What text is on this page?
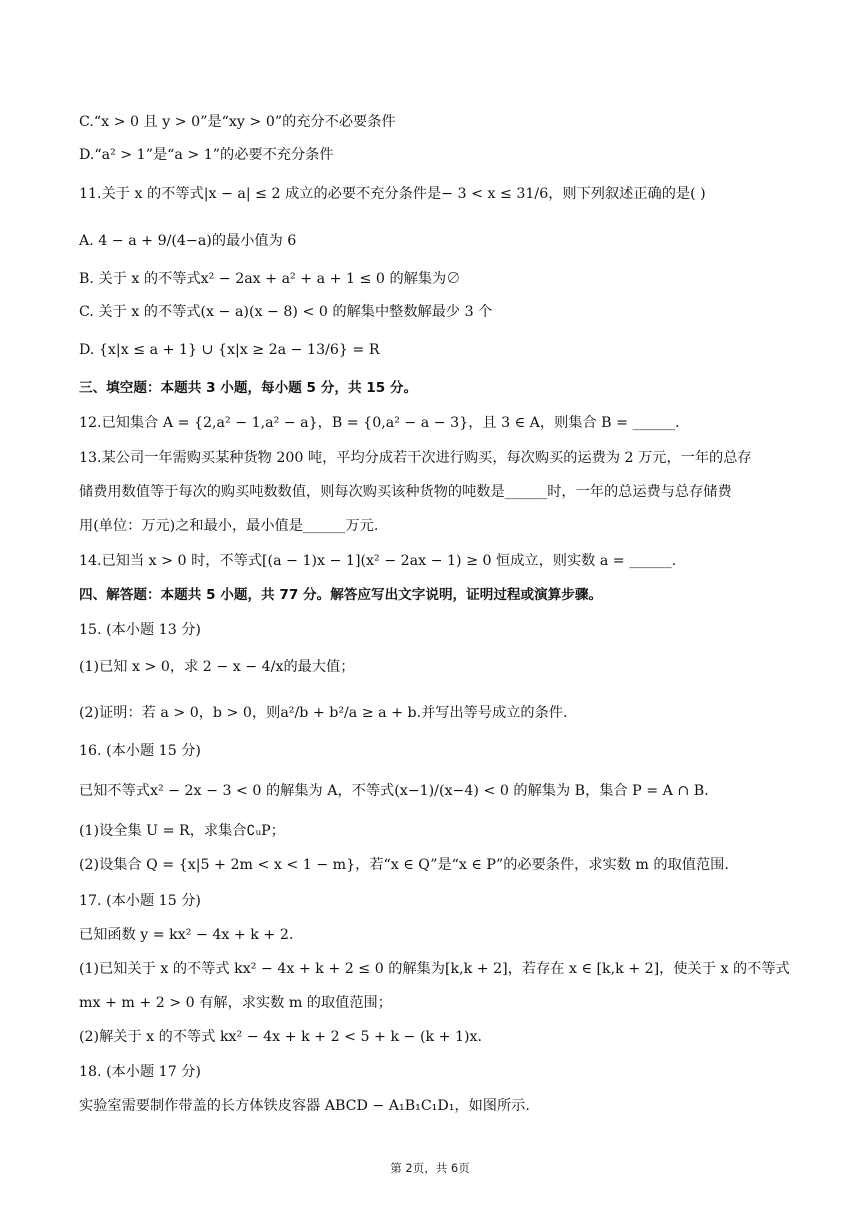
C.“x > 0 且 y > 0”是“xy > 0”的充分不必要条件
D.“a² > 1”是“a > 1”的必要不充分条件
11.关于 x 的不等式|x − a| ≤ 2 成立的必要不充分条件是− 3 < x ≤ 31/6，则下列叙述正确的是( )
A. 4 − a + 9/(4−a)的最小值为 6
B. 关于 x 的不等式x² − 2ax + a² + a + 1 ≤ 0 的解集为∅
C. 关于 x 的不等式(x − a)(x − 8) < 0 的解集中整数解最少 3 个
D. {x|x ≤ a + 1} ∪ {x|x ≥ 2a − 13/6} = R
三、填空题：本题共 3 小题，每小题 5 分，共 15 分。
12.已知集合 A = {2,a² − 1,a² − a}，B = {0,a² − a − 3}，且 3 ∈ A，则集合 B = ______.
13.某公司一年需购买某种货物 200 吨，平均分成若干次进行购买，每次购买的运费为 2 万元，一年的总存
储费用数值等于每次的购买吨数数值，则每次购买该种货物的吨数是______时，一年的总运费与总存储费
用(单位：万元)之和最小，最小值是______万元.
14.已知当 x > 0 时，不等式[(a − 1)x − 1](x² − 2ax − 1) ≥ 0 恒成立，则实数 a = ______.
四、解答题：本题共 5 小题，共 77 分。解答应写出文字说明，证明过程或演算步骤。
15. (本小题 13 分)
(1)已知 x > 0，求 2 − x − 4/x的最大值；
(2)证明：若 a > 0，b > 0，则a²/b + b²/a ≥ a + b.并写出等号成立的条件.
16. (本小题 15 分)
已知不等式x² − 2x − 3 < 0 的解集为 A，不等式(x−1)/(x−4) < 0 的解集为 B，集合 P = A ∩ B.
(1)设全集 U = R，求集合∁ᵤP；
(2)设集合 Q = {x|5 + 2m < x < 1 − m}，若“x ∈ Q”是“x ∈ P”的必要条件，求实数 m 的取值范围.
17. (本小题 15 分)
已知函数 y = kx² − 4x + k + 2.
(1)已知关于 x 的不等式 kx² − 4x + k + 2 ≤ 0 的解集为[k,k + 2]，若存在 x ∈ [k,k + 2]，使关于 x 的不等式
mx + m + 2 > 0 有解，求实数 m 的取值范围；
(2)解关于 x 的不等式 kx² − 4x + k + 2 < 5 + k − (k + 1)x.
18. (本小题 17 分)
实验室需要制作带盖的长方体铁皮容器 ABCD − A₁B₁C₁D₁，如图所示.
第 2页，共 6页
